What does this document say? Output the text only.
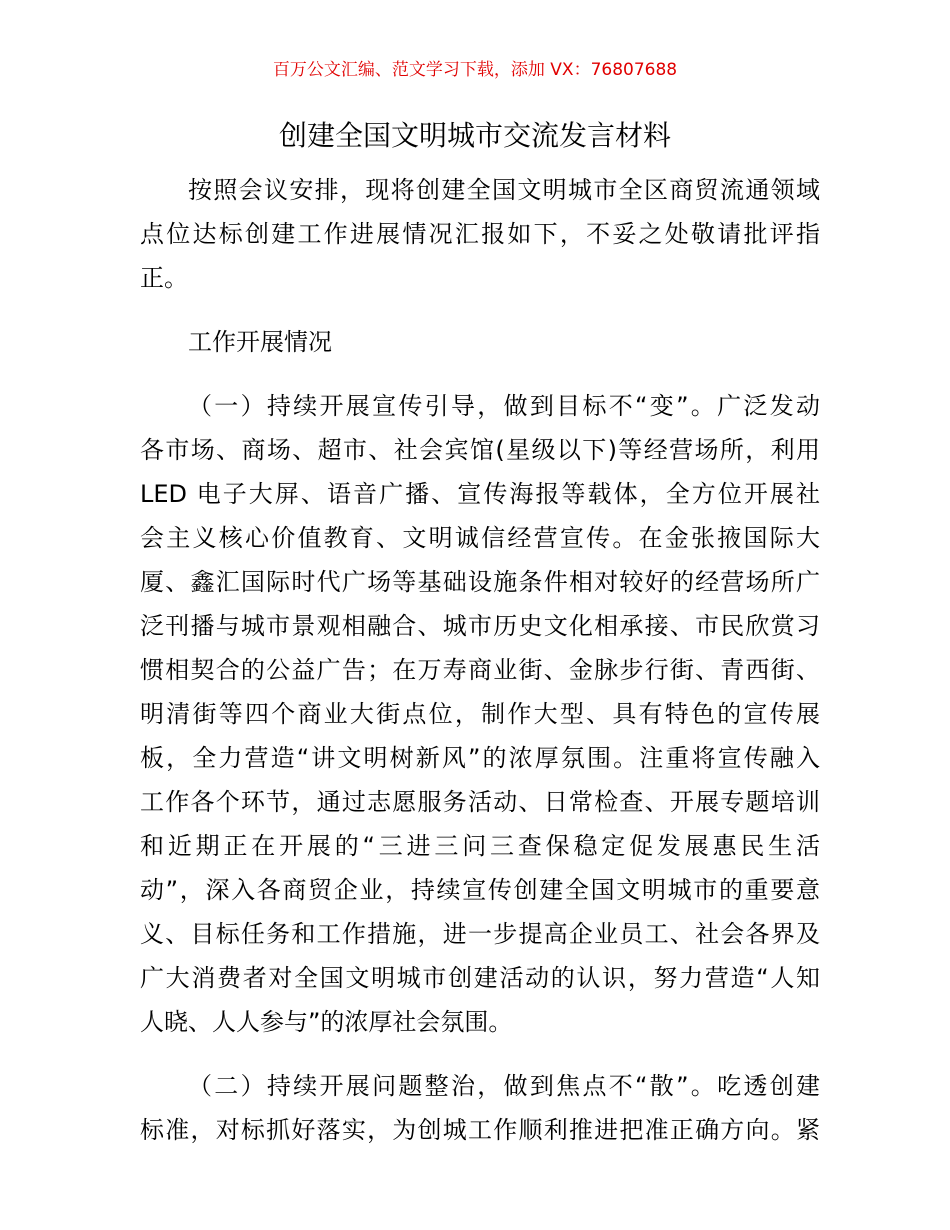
百万公文汇编、范文学习下载，添加 VX：76807688
创建全国文明城市交流发言材料
按照会议安排，现将创建全国文明城市全区商贸流通领域
点位达标创建工作进展情况汇报如下，不妥之处敬请批评指
正。
工作开展情况
（一）持续开展宣传引导，做到目标不“变”。广泛发动
各市场、商场、超市、社会宾馆(星级以下)等经营场所，利用
LED 电子大屏、语音广播、宣传海报等载体，全方位开展社
会主义核心价值教育、文明诚信经营宣传。在金张掖国际大
厦、鑫汇国际时代广场等基础设施条件相对较好的经营场所广
泛刊播与城市景观相融合、城市历史文化相承接、市民欣赏习
惯相契合的公益广告；在万寿商业街、金脉步行街、青西街、
明清街等四个商业大街点位，制作大型、具有特色的宣传展
板，全力营造“讲文明树新风”的浓厚氛围。注重将宣传融入
工作各个环节，通过志愿服务活动、日常检查、开展专题培训
和近期正在开展的“三进三问三查保稳定促发展惠民生活
动”，深入各商贸企业，持续宣传创建全国文明城市的重要意
义、目标任务和工作措施，进一步提高企业员工、社会各界及
广大消费者对全国文明城市创建活动的认识，努力营造“人知
人晓、人人参与”的浓厚社会氛围。
（二）持续开展问题整治，做到焦点不“散”。吃透创建
标准，对标抓好落实，为创城工作顺利推进把准正确方向。紧
